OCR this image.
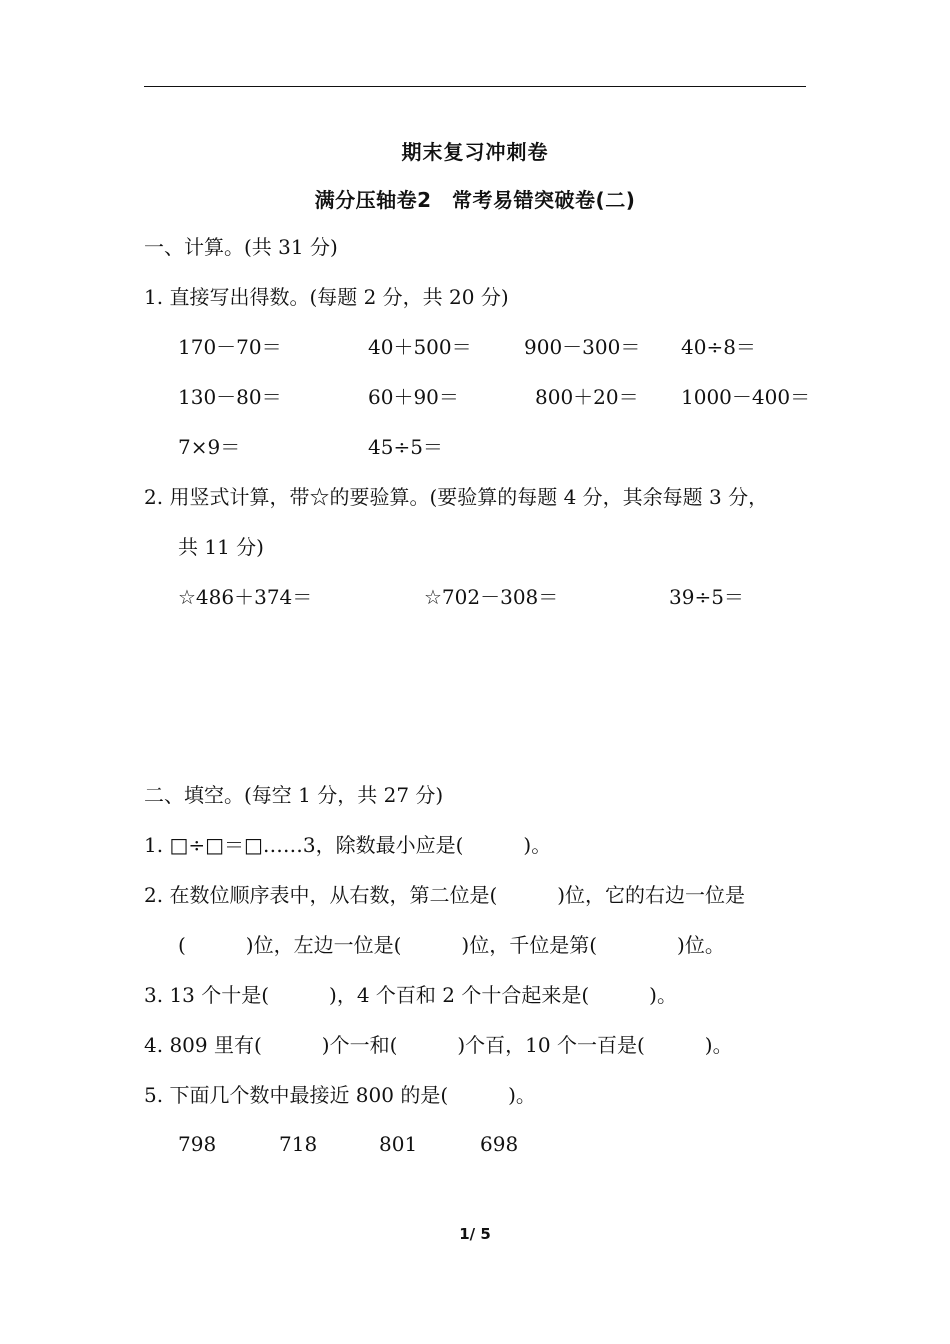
期末复习冲刺卷
满分压轴卷2　常考易错突破卷(二)
一、计算。(共 31 分)
1. 直接写出得数。(每题 2 分，共 20 分)
170－70＝	40＋500＝	900－300＝ 40÷8＝
130－80＝	60＋90＝	800＋20＝ 1000－400＝
7×9＝	45÷5＝
2. 用竖式计算，带☆的要验算。(要验算的每题 4 分，其余每题 3 分，
共 11 分)
☆486＋374＝	☆702－308＝	39÷5＝
二、填空。(每空 1 分，共 27 分)
1. □÷□＝□……3，除数最小应是(　　　)。
2. 在数位顺序表中，从右数，第二位是(　　　)位，它的右边一位是
(　　　)位，左边一位是(　　　)位，千位是第(　　　　)位。
3. 13 个十是(　　　)，4 个百和 2 个十合起来是(　　　)。
4. 809 里有(　　　)个一和(　　　)个百，10 个一百是(　　　)。
5. 下面几个数中最接近 800 的是(　　　)。
798	718	801	698
1/ 5
